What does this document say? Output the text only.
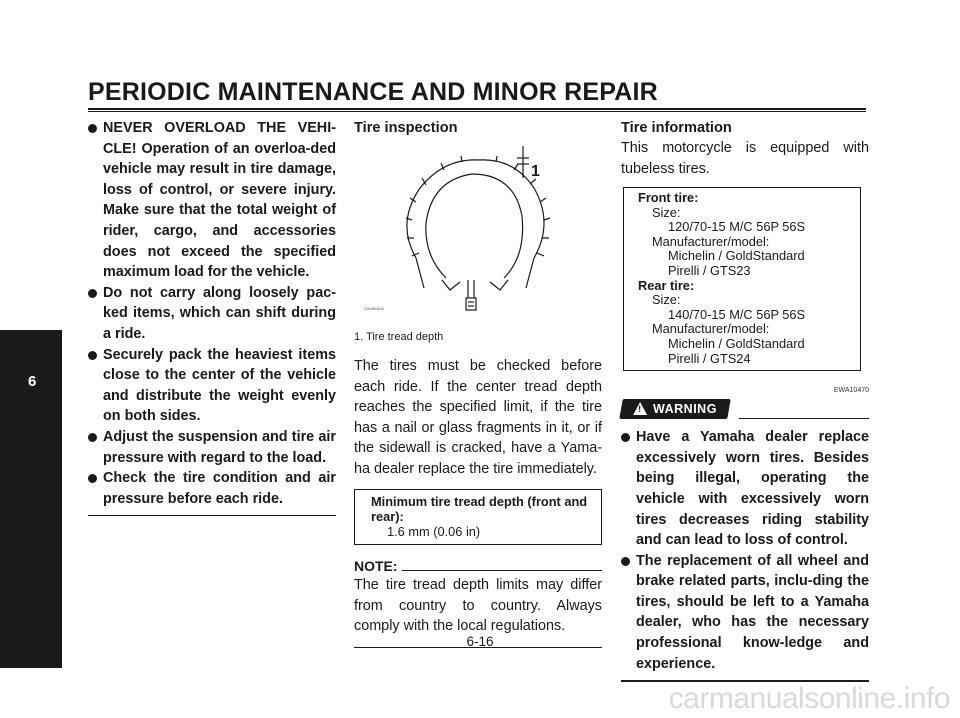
PERIODIC MAINTENANCE AND MINOR REPAIR
6
NEVER OVERLOAD THE VEHI-CLE! Operation of an overloa-ded vehicle may result in tire damage, loss of control, or severe injury. Make sure that the total weight of rider, cargo, and accessories does not exceed the specified maximum load for the vehicle.
Do not carry along loosely pac-ked items, which can shift during a ride.
Securely pack the heaviest items close to the center of the vehicle and distribute the weight evenly on both sides.
Adjust the suspension and tire air pressure with regard to the load.
Check the tire condition and air pressure before each ride.
Tire inspection
1
ZAUM0640
1. Tire tread depth
The tires must be checked before each ride. If the center tread depth reaches the specified limit, if the tire has a nail or glass fragments in it, or if the sidewall is cracked, have a Yama-ha dealer replace the tire immediately.
Minimum tire tread depth (front and rear):
1.6 mm (0.06 in)
NOTE:
The tire tread depth limits may differ from country to country. Always comply with the local regulations.
Tire information
This motorcycle is equipped with tubeless tires.
Front tire:
Size:
120/70-15 M/C 56P 56S
Manufacturer/model:
Michelin / GoldStandard
Pirelli / GTS23
Rear tire:
Size:
140/70-15 M/C 56P 56S
Manufacturer/model:
Michelin / GoldStandard
Pirelli / GTS24
EWA10470
!
WARNING
Have a Yamaha dealer replace excessively worn tires. Besides being illegal, operating the vehicle with excessively worn tires decreases riding stability and can lead to loss of control.
The replacement of all wheel and brake related parts, inclu-ding the tires, should be left to a Yamaha dealer, who has the necessary professional know-ledge and experience.
6-16
carmanualsonline.info
